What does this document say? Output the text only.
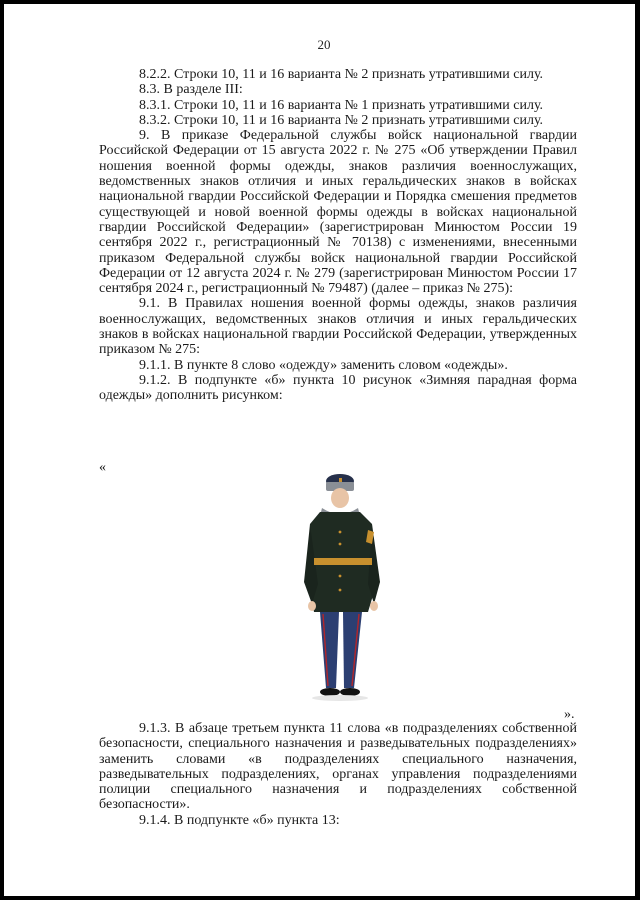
20

8.2.2. Строки 10, 11 и 16 варианта № 2 признать утратившими силу.

8.3. В разделе III:

8.3.1. Строки 10, 11 и 16 варианта № 1 признать утратившими силу.

8.3.2. Строки 10, 11 и 16 варианта № 2 признать утратившими силу.

9. В приказе Федеральной службы войск национальной гвардии Российской Федерации от 15 августа 2022 г. № 275 «Об утверждении Правил ношения военной формы одежды, знаков различия военнослужащих, ведомственных знаков отличия и иных геральдических знаков в войсках национальной гвардии Российской Федерации и Порядка смешения предметов существующей и новой военной формы одежды в войсках национальной гвардии Российской Федерации» (зарегистрирован Минюстом России 19 сентября 2022 г., регистрационный № 70138) с изменениями, внесенными приказом Федеральной службы войск национальной гвардии Российской Федерации от 12 августа 2024 г. № 279 (зарегистрирован Минюстом России 17 сентября 2024 г., регистрационный № 79487) (далее – приказ № 275):

9.1. В Правилах ношения военной формы одежды, знаков различия военнослужащих, ведомственных знаков отличия и иных геральдических знаков в войсках национальной гвардии Российской Федерации, утвержденных приказом № 275:

9.1.1. В пункте 8 слово «одежду» заменить словом «одежды».

9.1.2. В подпункте «б» пункта 10 рисунок «Зимняя парадная форма одежды» дополнить рисунком:

«
».

9.1.3. В абзаце третьем пункта 11 слова «в подразделениях собственной безопасности, специального назначения и разведывательных подразделениях» заменить словами «в подразделениях специального назначения, разведывательных подразделениях, органах управления подразделениями полиции специального назначения и подразделениях собственной безопасности».

9.1.4. В подпункте «б» пункта 13:
